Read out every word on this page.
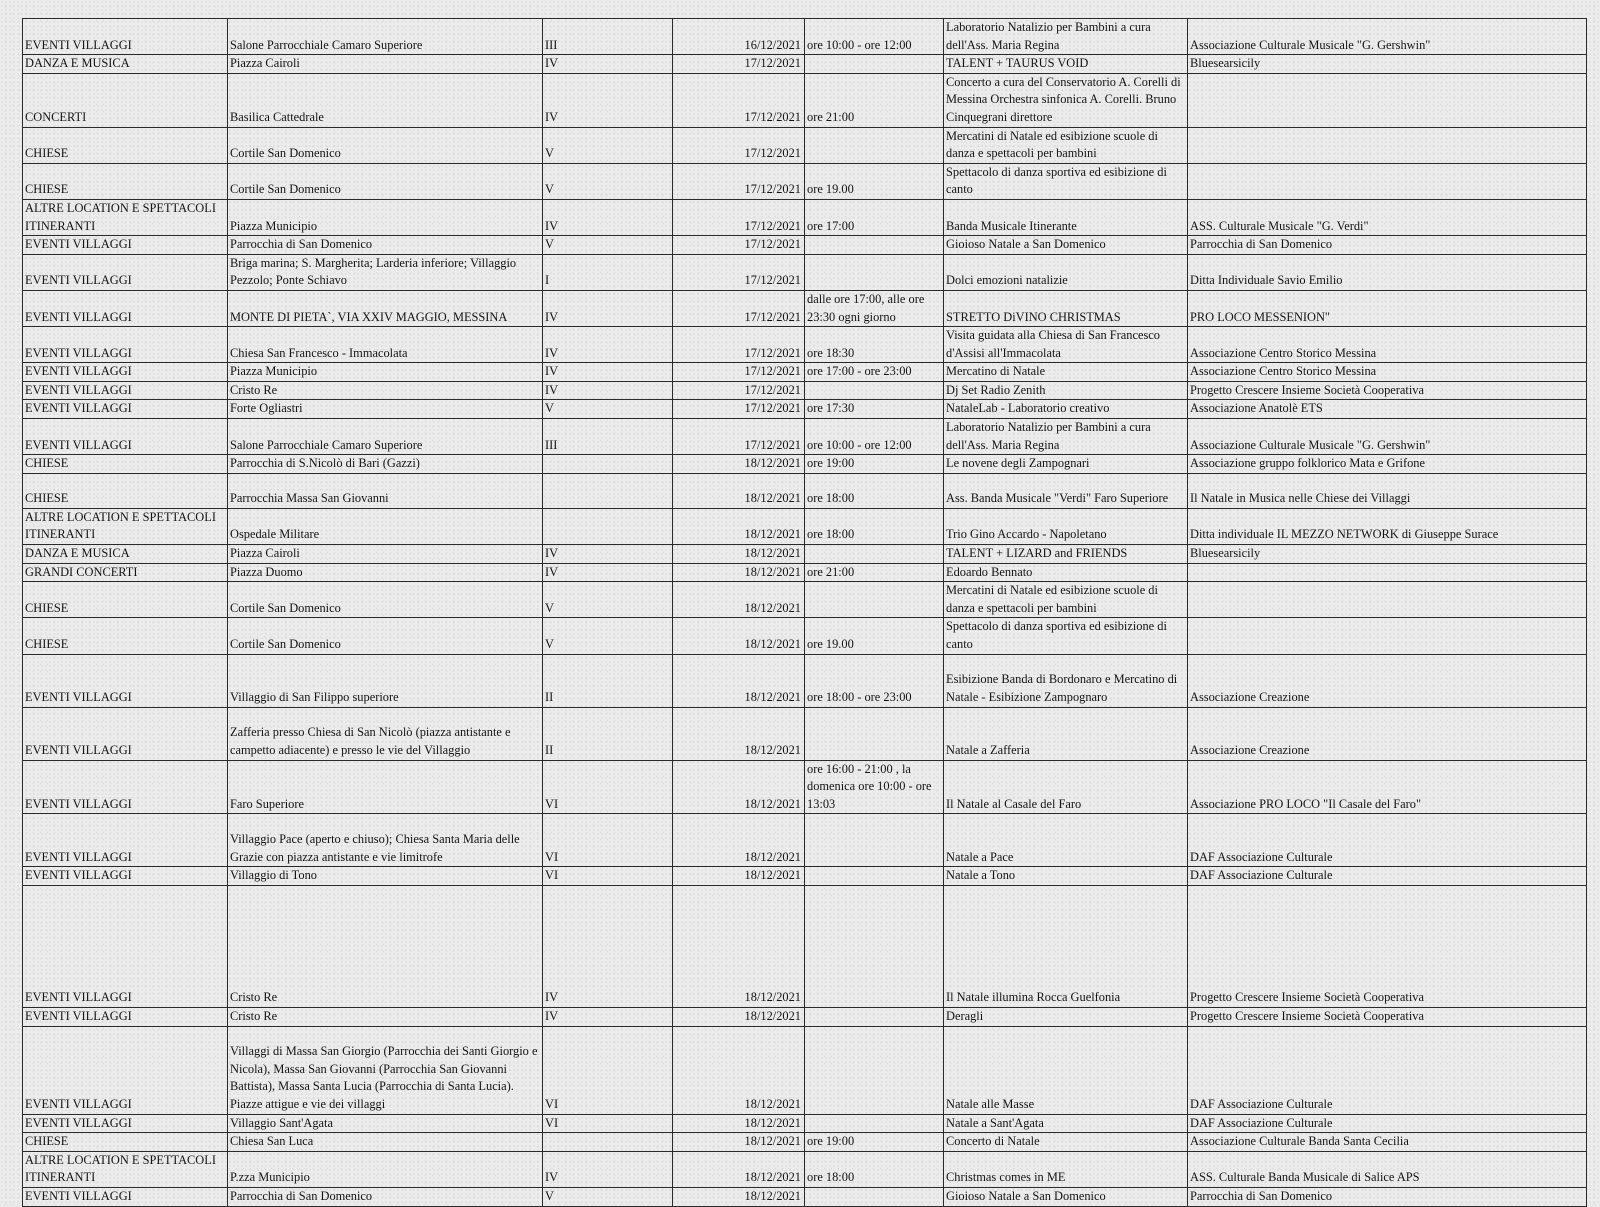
EVENTI VILLAGGI	Salone Parrocchiale Camaro Superiore	III	16/12/2021	ore 10:00 - ore 12:00	Laboratorio Natalizio per Bambini a cura dell'Ass. Maria Regina	Associazione Culturale Musicale "G. Gershwin"
DANZA E MUSICA	Piazza Cairoli	IV	17/12/2021		TALENT + TAURUS VOID	Bluesearsicily
CONCERTI	Basilica Cattedrale	IV	17/12/2021	ore 21:00	Concerto a cura del Conservatorio A. Corelli di Messina Orchestra sinfonica A. Corelli. Bruno Cinquegrani direttore	
CHIESE	Cortile San Domenico	V	17/12/2021		Mercatini di Natale ed esibizione scuole di danza e spettacoli per bambini	
CHIESE	Cortile San Domenico	V	17/12/2021	ore 19.00	Spettacolo di danza sportiva ed esibizione di canto	
ALTRE LOCATION E SPETTACOLI ITINERANTI	Piazza Municipio	IV	17/12/2021	ore 17:00	Banda Musicale Itinerante	ASS. Culturale Musicale "G. Verdi"
EVENTI VILLAGGI	Parrocchia di San Domenico	V	17/12/2021		Gioioso Natale a San Domenico	Parrocchia di San Domenico
EVENTI VILLAGGI	Briga marina; S. Margherita; Larderia inferiore; Villaggio Pezzolo; Ponte Schiavo	I	17/12/2021		Dolci emozioni natalizie	Ditta Individuale Savio Emilio
EVENTI VILLAGGI	MONTE DI PIETA`, VIA XXIV MAGGIO, MESSINA	IV	17/12/2021	dalle ore 17:00, alle ore 23:30 ogni giorno	STRETTO DiVINO CHRISTMAS	PRO LOCO MESSENION"
EVENTI VILLAGGI	Chiesa San Francesco - Immacolata	IV	17/12/2021	ore 18:30	Visita guidata alla Chiesa di San Francesco d'Assisi all'Immacolata	Associazione Centro Storico Messina
EVENTI VILLAGGI	Piazza Municipio	IV	17/12/2021	ore 17:00 - ore 23:00	Mercatino di Natale	Associazione Centro Storico Messina
EVENTI VILLAGGI	Cristo Re	IV	17/12/2021		Dj Set Radio Zenith	Progetto Crescere Insieme Società Cooperativa
EVENTI VILLAGGI	Forte Ogliastri	V	17/12/2021	ore 17:30	NataleLab - Laboratorio creativo	Associazione Anatolè ETS
EVENTI VILLAGGI	Salone Parrocchiale Camaro Superiore	III	17/12/2021	ore 10:00 - ore 12:00	Laboratorio Natalizio per Bambini a cura dell'Ass. Maria Regina	Associazione Culturale Musicale "G. Gershwin"
CHIESE	Parrocchia di S.Nicolò di Bari (Gazzi)		18/12/2021	ore 19:00	Le novene degli Zampognari	Associazione gruppo folklorico Mata e Grifone
CHIESE	Parrocchia Massa San Giovanni		18/12/2021	ore 18:00	Ass. Banda Musicale "Verdi" Faro Superiore	Il Natale in Musica nelle Chiese dei Villaggi
ALTRE LOCATION E SPETTACOLI ITINERANTI	Ospedale Militare		18/12/2021	ore 18:00	Trio Gino Accardo - Napoletano	Ditta individuale IL MEZZO NETWORK di Giuseppe Surace
DANZA E MUSICA	Piazza Cairoli	IV	18/12/2021		TALENT + LIZARD and FRIENDS	Bluesearsicily
GRANDI CONCERTI	Piazza Duomo	IV	18/12/2021	ore 21:00	Edoardo Bennato	
CHIESE	Cortile San Domenico	V	18/12/2021		Mercatini di Natale ed esibizione scuole di danza e spettacoli per bambini	
CHIESE	Cortile San Domenico	V	18/12/2021	ore 19.00	Spettacolo di danza sportiva ed esibizione di canto	
EVENTI VILLAGGI	Villaggio di San Filippo superiore	II	18/12/2021	ore 18:00 - ore 23:00	Esibizione Banda di Bordonaro e Mercatino di Natale - Esibizione Zampognaro	Associazione Creazione
EVENTI VILLAGGI	Zafferia presso Chiesa di San Nicolò (piazza antistante e campetto adiacente) e presso le vie del Villaggio	II	18/12/2021		Natale a Zafferia	Associazione Creazione
EVENTI VILLAGGI	Faro Superiore	VI	18/12/2021	ore 16:00 - 21:00 , la domenica ore 10:00 - ore 13:03	Il Natale al Casale del Faro	Associazione PRO LOCO "Il Casale del Faro"
EVENTI VILLAGGI	Villaggio Pace (aperto e chiuso); Chiesa Santa Maria delle Grazie con piazza antistante e vie limitrofe	VI	18/12/2021		Natale a Pace	DAF Associazione Culturale
EVENTI VILLAGGI	Villaggio di Tono	VI	18/12/2021		Natale a Tono	DAF Associazione Culturale
EVENTI VILLAGGI	Cristo Re	IV	18/12/2021		Il Natale illumina Rocca Guelfonia	Progetto Crescere Insieme Società Cooperativa
EVENTI VILLAGGI	Cristo Re	IV	18/12/2021		Deragli	Progetto Crescere Insieme Società Cooperativa
EVENTI VILLAGGI	Villaggi di Massa San Giorgio (Parrocchia dei Santi Giorgio e Nicola), Massa San Giovanni (Parrocchia San Giovanni Battista), Massa Santa Lucia (Parrocchia di Santa Lucia). Piazze attigue e vie dei villaggi	VI	18/12/2021		Natale alle Masse	DAF Associazione Culturale
EVENTI VILLAGGI	Villaggio Sant'Agata	VI	18/12/2021		Natale a Sant'Agata	DAF Associazione Culturale
CHIESE	Chiesa San Luca		18/12/2021	ore 19:00	Concerto di Natale	Associazione Culturale Banda Santa Cecilia
ALTRE LOCATION E SPETTACOLI ITINERANTI	P.zza Municipio	IV	18/12/2021	ore 18:00	Christmas comes in ME	ASS. Culturale Banda Musicale di Salice APS
EVENTI VILLAGGI	Parrocchia di San Domenico	V	18/12/2021		Gioioso Natale a San Domenico	Parrocchia di San Domenico
